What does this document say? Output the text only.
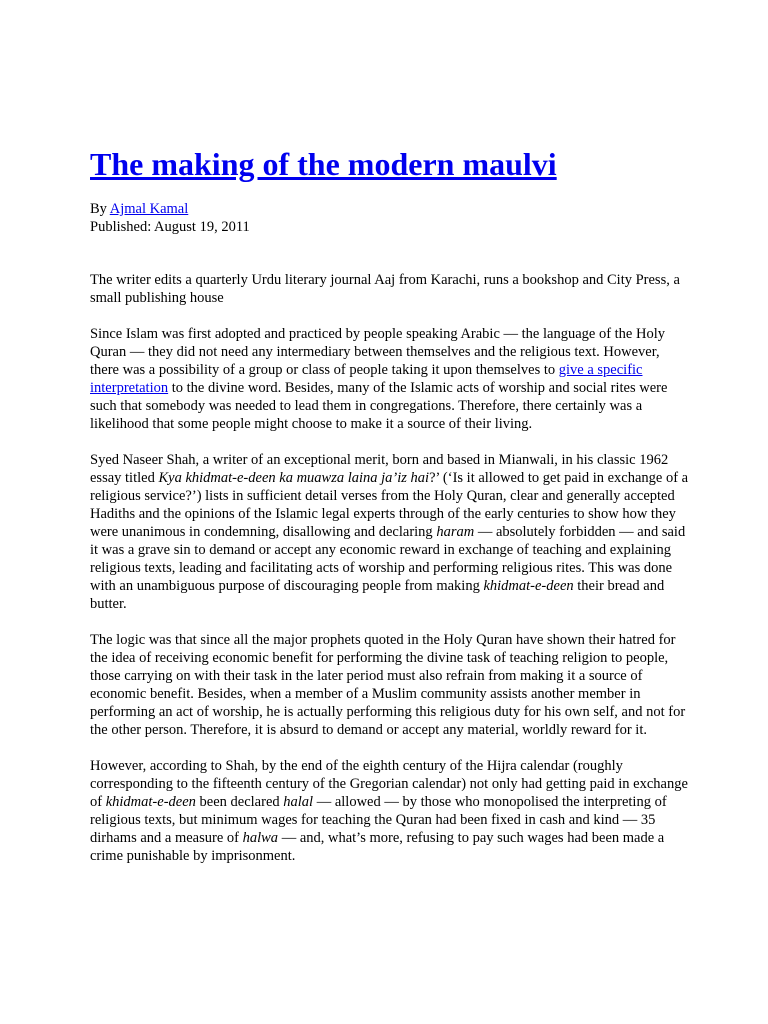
The making of the modern maulvi
By Ajmal Kamal
Published: August 19, 2011

The writer edits a quarterly Urdu literary journal Aaj from Karachi, runs a bookshop and City Press, a small publishing house

Since Islam was first adopted and practiced by people speaking Arabic — the language of the Holy Quran — they did not need any intermediary between themselves and the religious text. However, there was a possibility of a group or class of people taking it upon themselves to give a specific interpretation to the divine word. Besides, many of the Islamic acts of worship and social rites were such that somebody was needed to lead them in congregations. Therefore, there certainly was a likelihood that some people might choose to make it a source of their living.

Syed Naseer Shah, a writer of an exceptional merit, born and based in Mianwali, in his classic 1962 essay titled Kya khidmat-e-deen ka muawza laina ja’iz hai?’ (‘Is it allowed to get paid in exchange of a religious service?’) lists in sufficient detail verses from the Holy Quran, clear and generally accepted Hadiths and the opinions of the Islamic legal experts through of the early centuries to show how they were unanimous in condemning, disallowing and declaring haram — absolutely forbidden — and said it was a grave sin to demand or accept any economic reward in exchange of teaching and explaining religious texts, leading and facilitating acts of worship and performing religious rites. This was done with an unambiguous purpose of discouraging people from making khidmat-e-deen their bread and butter.

The logic was that since all the major prophets quoted in the Holy Quran have shown their hatred for the idea of receiving economic benefit for performing the divine task of teaching religion to people, those carrying on with their task in the later period must also refrain from making it a source of economic benefit. Besides, when a member of a Muslim community assists another member in performing an act of worship, he is actually performing this religious duty for his own self, and not for the other person. Therefore, it is absurd to demand or accept any material, worldly reward for it.

However, according to Shah, by the end of the eighth century of the Hijra calendar (roughly corresponding to the fifteenth century of the Gregorian calendar) not only had getting paid in exchange of khidmat-e-deen been declared halal — allowed — by those who monopolised the interpreting of religious texts, but minimum wages for teaching the Quran had been fixed in cash and kind — 35 dirhams and a measure of halwa — and, what’s more, refusing to pay such wages had been made a crime punishable by imprisonment.
